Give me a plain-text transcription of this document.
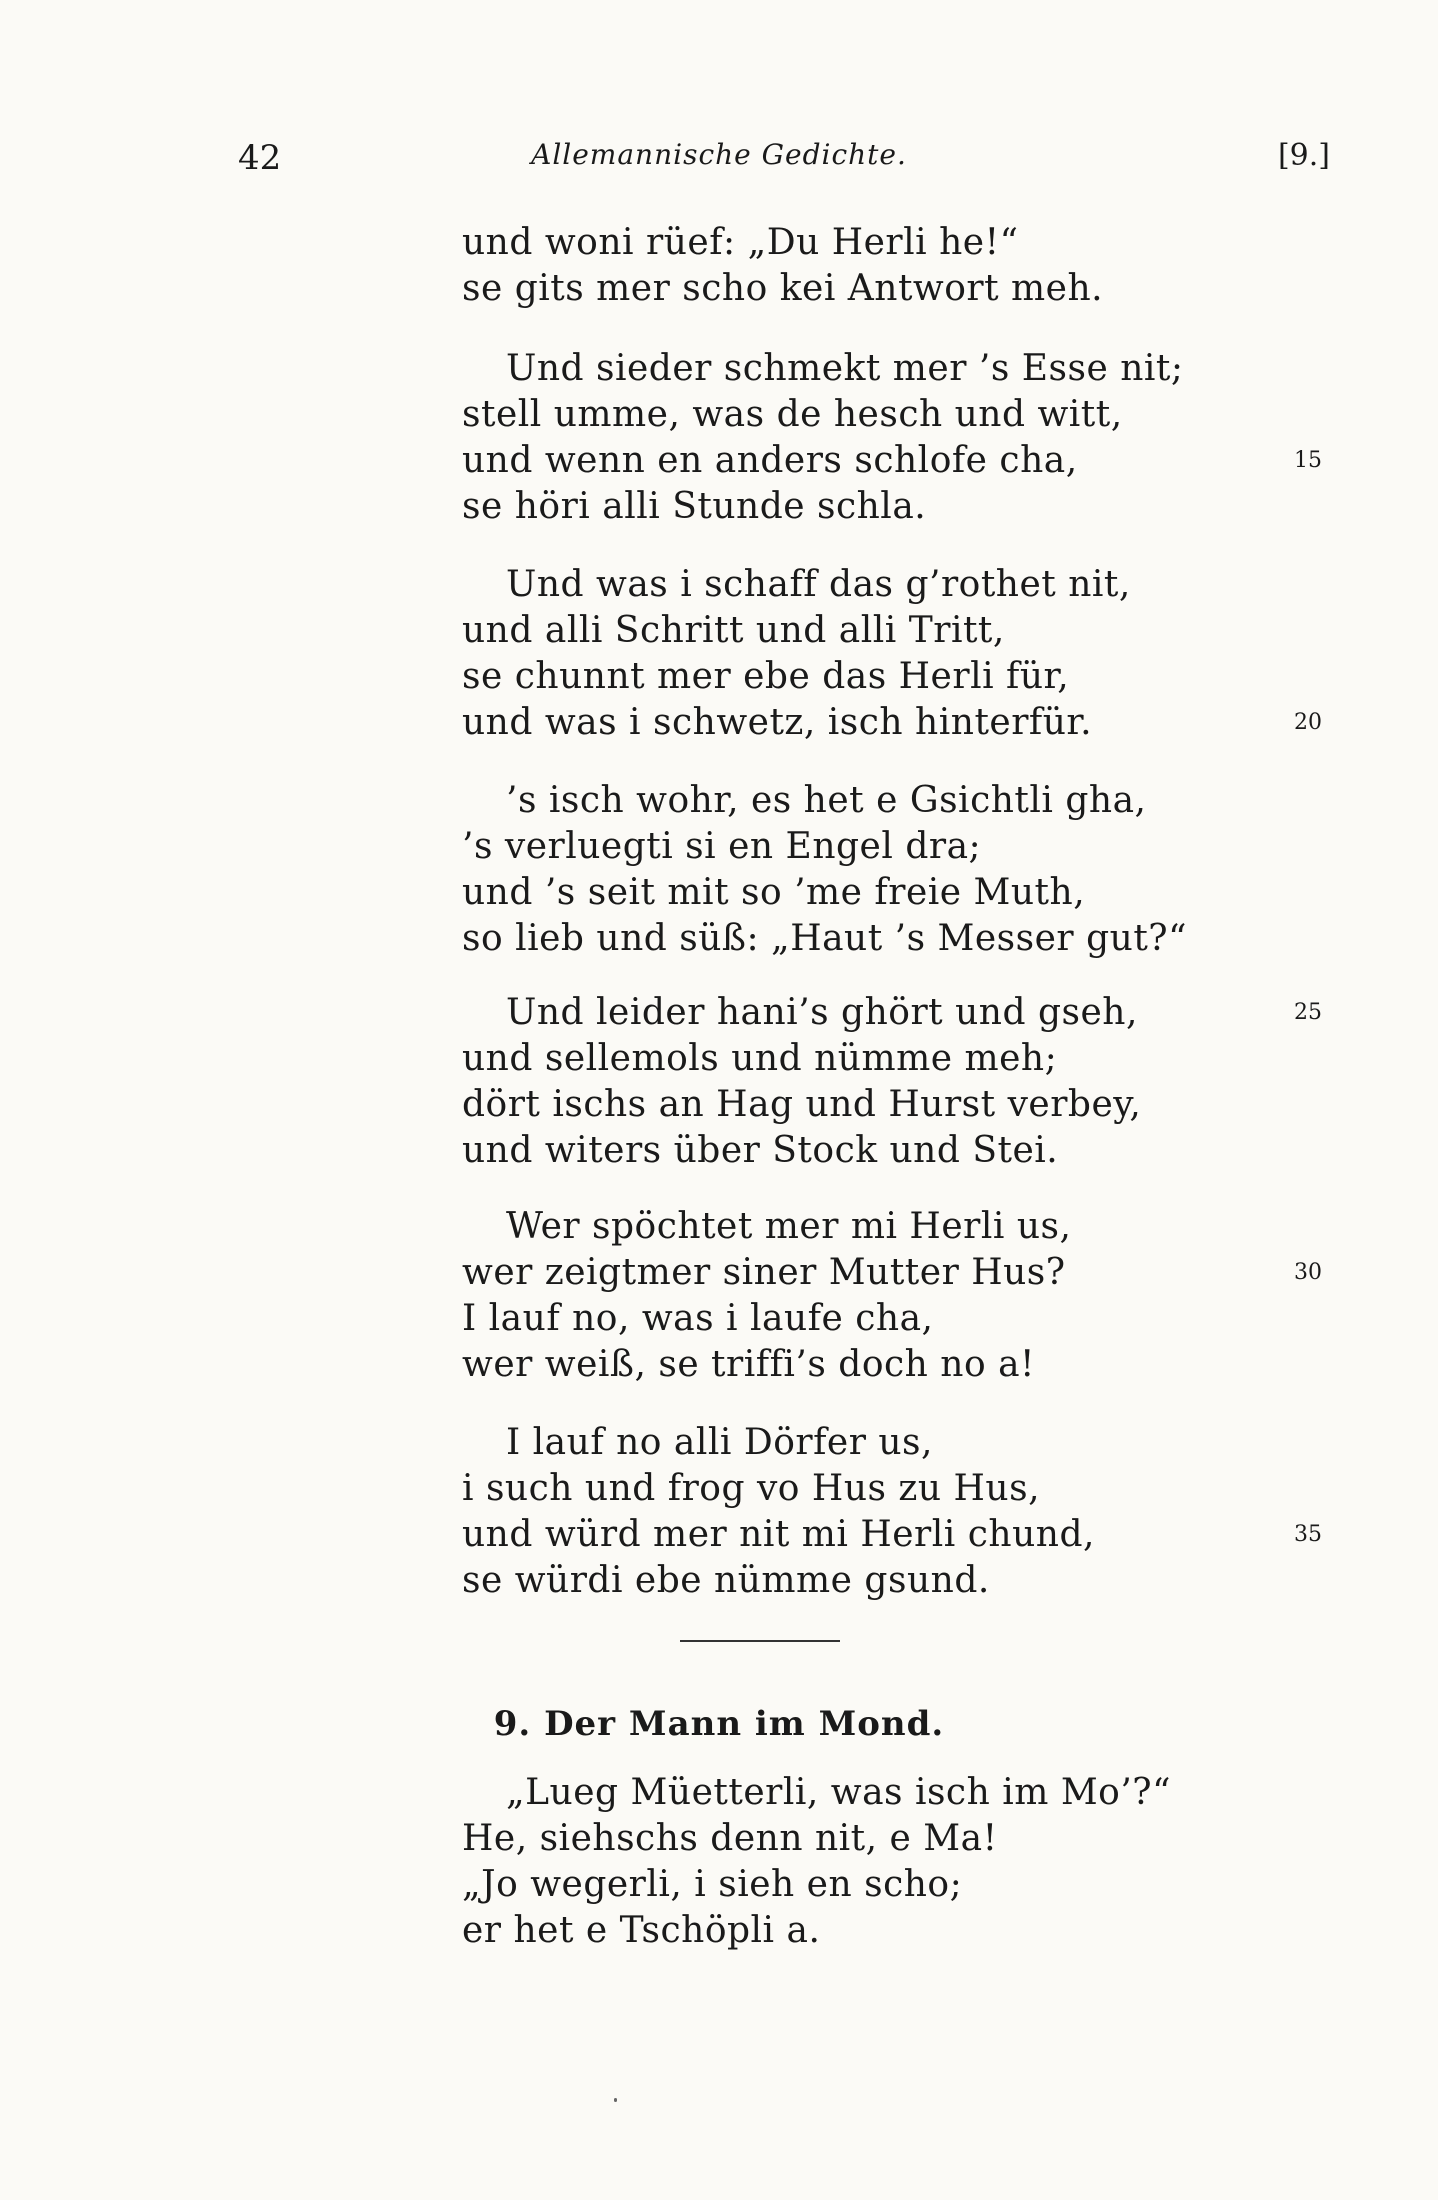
42	Allemannische Gedichte.	[9.]
und woni rüef: „Du Herli he!“
se gits mer scho kei Antwort meh.
Und sieder schmekt mer ’s Esse nit;
stell umme, was de hesch und witt,
und wenn en anders schlofe cha,	15
se höri alli Stunde schla.
Und was i schaff das g’rothet nit,
und alli Schritt und alli Tritt,
se chunnt mer ebe das Herli für,
und was i schwetz, isch hinterfür.	20
’s isch wohr, es het e Gsichtli gha,
’s verluegti si en Engel dra;
und ’s seit mit so ’me freie Muth,
so lieb und süß: „Haut ’s Messer gut?“
Und leider hani’s ghört und gseh,	25
und sellemols und nümme meh;
dört ischs an Hag und Hurst verbey,
und witers über Stock und Stei.
Wer spöchtet mer mi Herli us,
wer zeigtmer siner Mutter Hus?	30
I lauf no, was i laufe cha,
wer weiß, se triffi’s doch no a!
I lauf no alli Dörfer us,
i such und frog vo Hus zu Hus,
und würd mer nit mi Herli chund,	35
se würdi ebe nümme gsund.
9. Der Mann im Mond.
„Lueg Müetterli, was isch im Mo’?“
He, siehschs denn nit, e Ma!
„Jo wegerli, i sieh en scho;
er het e Tschöpli a.
